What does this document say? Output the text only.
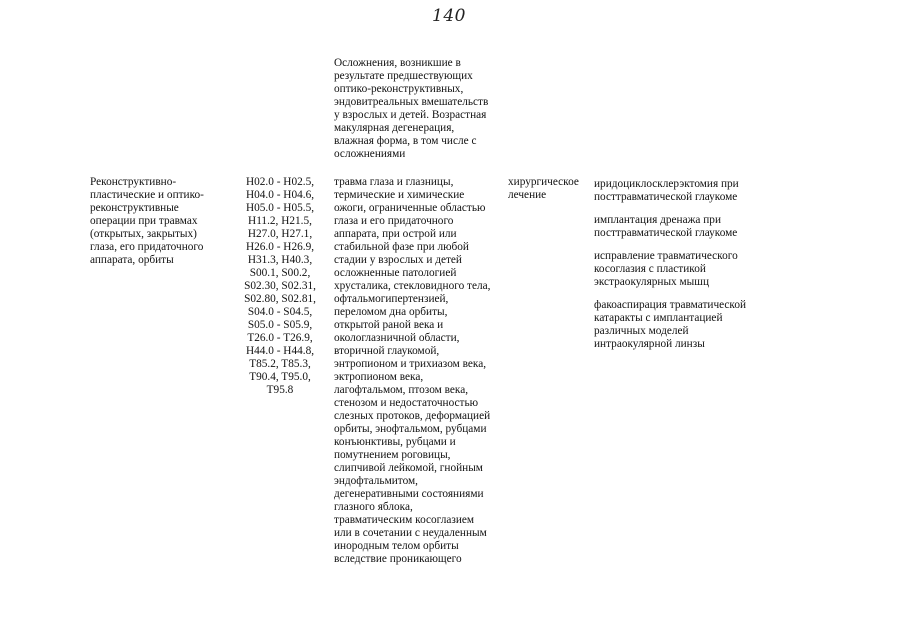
140
Осложнения, возникшие в
результате предшествующих
оптико-реконструктивных,
эндовитреальных вмешательств
у взрослых и детей. Возрастная
макулярная дегенерация,
влажная форма, в том числе с
осложнениями
Реконструктивно-
пластические и оптико-
реконструктивные
операции при травмах
(открытых, закрытых)
глаза, его придаточного
аппарата, орбиты
H02.0 - H02.5,
H04.0 - H04.6,
H05.0 - H05.5,
H11.2, H21.5,
H27.0, H27.1,
H26.0 - H26.9,
H31.3, H40.3,
S00.1, S00.2,
S02.30, S02.31,
S02.80, S02.81,
S04.0 - S04.5,
S05.0 - S05.9,
T26.0 - T26.9,
H44.0 - H44.8,
T85.2, T85.3,
T90.4, T95.0,
T95.8
травма глаза и глазницы,
термические и химические
ожоги, ограниченные областью
глаза и его придаточного
аппарата, при острой или
стабильной фазе при любой
стадии у взрослых и детей
осложненные патологией
хрусталика, стекловидного тела,
офтальмогипертензией,
переломом дна орбиты,
открытой раной века и
окологлазничной области,
вторичной глаукомой,
энтропионом и трихиазом века,
эктропионом века,
лагофтальмом, птозом века,
стенозом и недостаточностью
слезных протоков, деформацией
орбиты, энофтальмом, рубцами
конъюнктивы, рубцами и
помутнением роговицы,
слипчивой лейкомой, гнойным
эндофтальмитом,
дегенеративными состояниями
глазного яблока,
травматическим косоглазием
или в сочетании с неудаленным
инородным телом орбиты
вследствие проникающего
хирургическое
лечение
иридоциклосклерэктомия при
посттравматической глаукоме
имплантация дренажа при
посттравматической глаукоме
исправление травматического
косоглазия с пластикой
экстраокулярных мышц
факоаспирация травматической
катаракты с имплантацией
различных моделей
интраокулярной линзы
